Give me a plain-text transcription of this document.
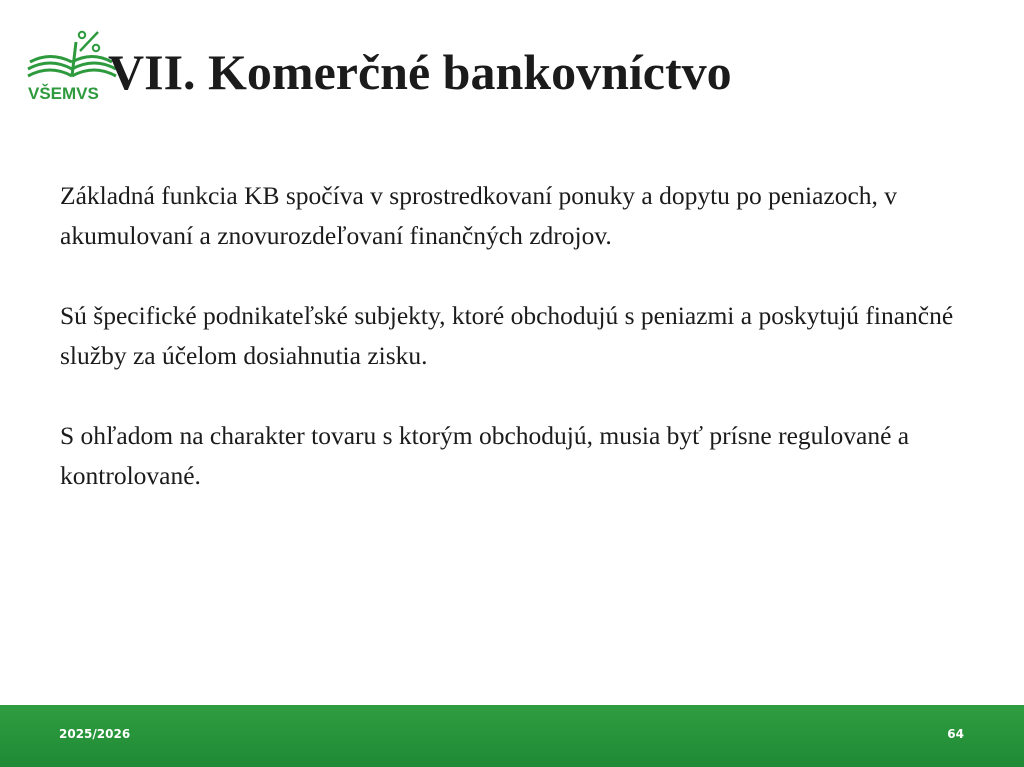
VŠEMVS VII. Komerčné bankovníctvo

Základná funkcia KB spočíva v sprostredkovaní ponuky a dopytu po peniazoch, v akumulovaní a znovurozdeľovaní finančných zdrojov.

Sú špecifické podnikateľské subjekty, ktoré obchodujú s peniazmi a poskytujú finančné služby za účelom dosiahnutia zisku.

S ohľadom na charakter tovaru s ktorým obchodujú, musia byť prísne regulované a kontrolované.

2025/2026	64
